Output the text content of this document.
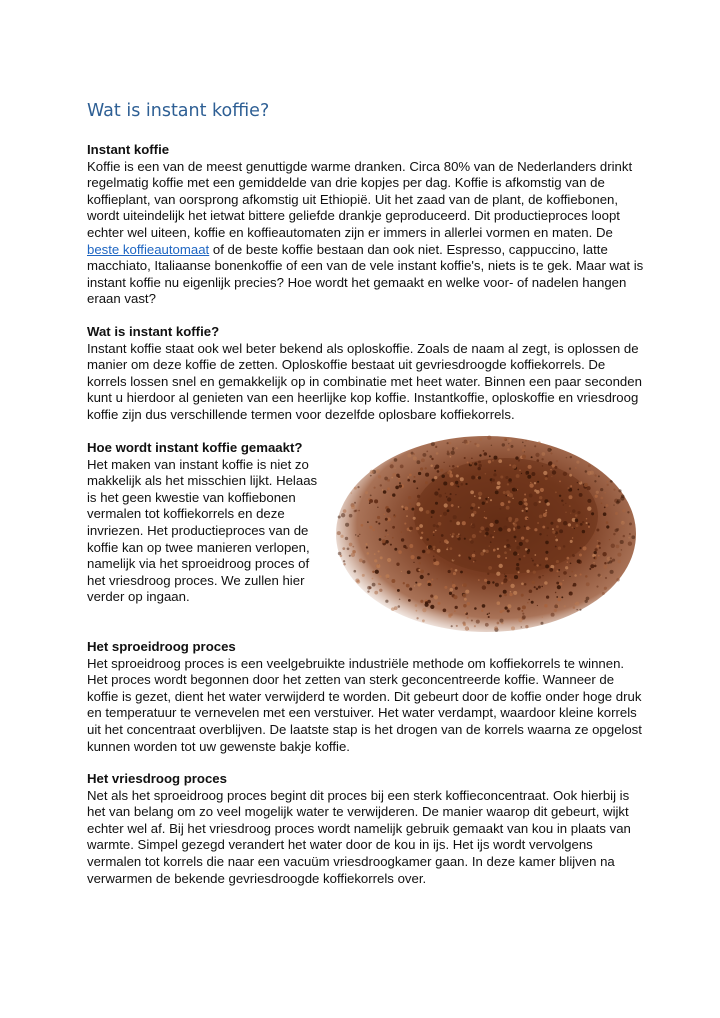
Wat is instant koffie?

Instant koffie

Koffie is een van de meest genuttigde warme dranken. Circa 80% van de Nederlanders drinkt regelmatig koffie met een gemiddelde van drie kopjes per dag. Koffie is afkomstig van de koffieplant, van oorsprong afkomstig uit Ethiopië. Uit het zaad van de plant, de koffiebonen, wordt uiteindelijk het ietwat bittere geliefde drankje geproduceerd. Dit productieproces loopt echter wel uiteen, koffie en koffieautomaten zijn er immers in allerlei vormen en maten. De beste koffieautomaat of de beste koffie bestaan dan ook niet. Espresso, cappuccino, latte macchiato, Italiaanse bonenkoffie of een van de vele instant koffie's, niets is te gek. Maar wat is instant koffie nu eigenlijk precies? Hoe wordt het gemaakt en welke voor- of nadelen hangen eraan vast?

Wat is instant koffie?

Instant koffie staat ook wel beter bekend als oploskoffie. Zoals de naam al zegt, is oplossen de manier om deze koffie de zetten. Oploskoffie bestaat uit gevriesdroogde koffiekorrels. De korrels lossen snel en gemakkelijk op in combinatie met heet water. Binnen een paar seconden kunt u hierdoor al genieten van een heerlijke kop koffie. Instantkoffie, oploskoffie en vriesdroog koffie zijn dus verschillende termen voor dezelfde oplosbare koffiekorrels.

Hoe wordt instant koffie gemaakt?

Het maken van instant koffie is niet zo makkelijk als het misschien lijkt. Helaas is het geen kwestie van koffiebonen vermalen tot koffiekorrels en deze invriezen. Het productieproces van de koffie kan op twee manieren verlopen, namelijk via het sproeidroog proces of het vriesdroog proces. We zullen hier verder op ingaan.

Het sproeidroog proces

Het sproeidroog proces is een veelgebruikte industriële methode om koffiekorrels te winnen. Het proces wordt begonnen door het zetten van sterk geconcentreerde koffie. Wanneer de koffie is gezet, dient het water verwijderd te worden. Dit gebeurt door de koffie onder hoge druk en temperatuur te vernevelen met een verstuiver. Het water verdampt, waardoor kleine korrels uit het concentraat overblijven. De laatste stap is het drogen van de korrels waarna ze opgelost kunnen worden tot uw gewenste bakje koffie.

Het vriesdroog proces

Net als het sproeidroog proces begint dit proces bij een sterk koffieconcentraat. Ook hierbij is het van belang om zo veel mogelijk water te verwijderen. De manier waarop dit gebeurt, wijkt echter wel af. Bij het vriesdroog proces wordt namelijk gebruik gemaakt van kou in plaats van warmte. Simpel gezegd verandert het water door de kou in ijs. Het ijs wordt vervolgens vermalen tot korrels die naar een vacuüm vriesdroogkamer gaan. In deze kamer blijven na verwarmen de bekende gevriesdroogde koffiekorrels over.
